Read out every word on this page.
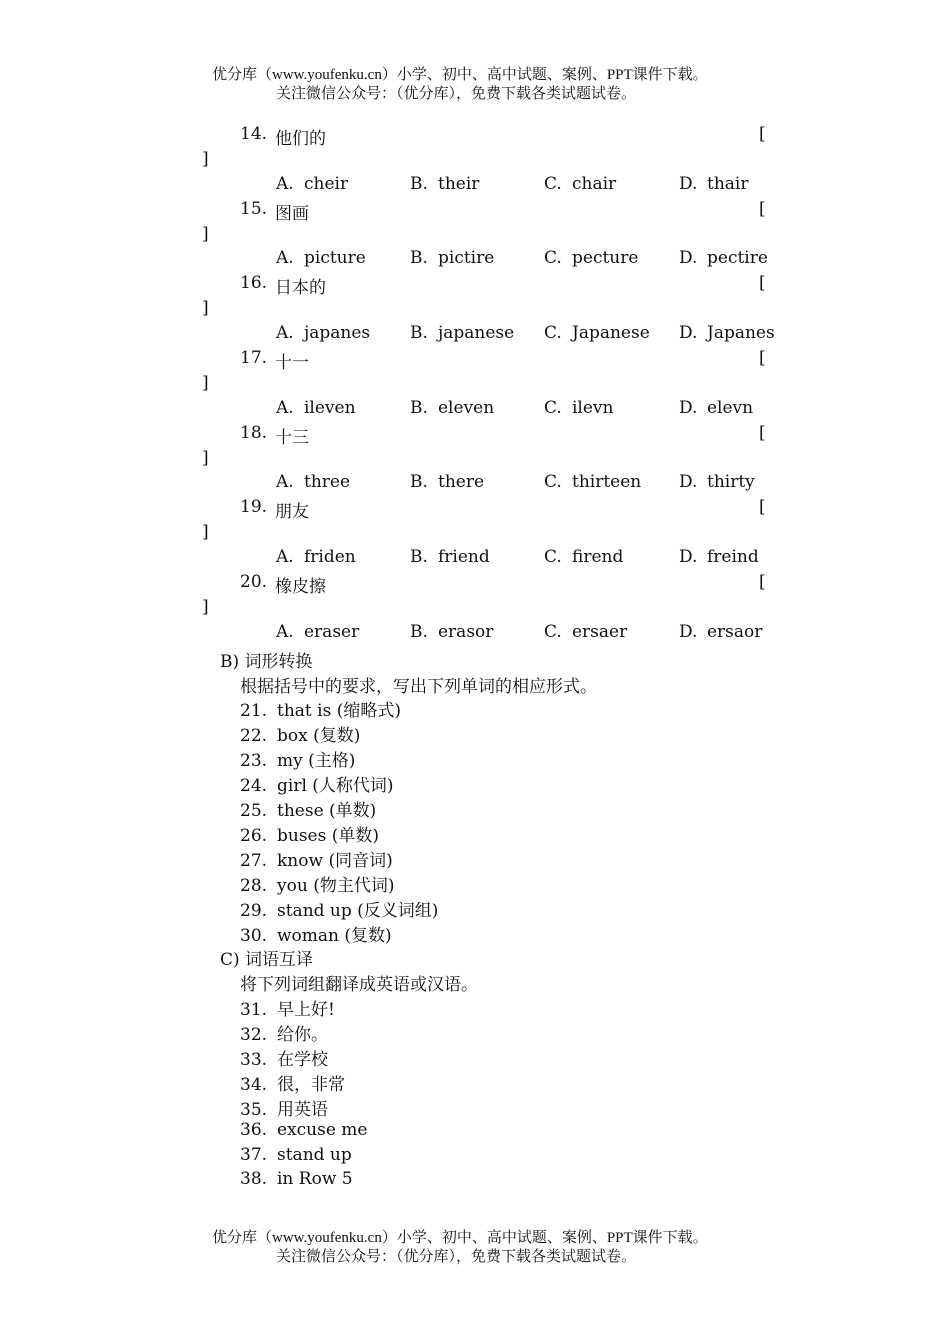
优分库（www.youfenku.cn）小学、初中、高中试题、案例、PPT课件下载。
关注微信公众号：（优分库），免费下载各类试题试卷。
14. 他们的	[
]
A. cheir	B. their	C. chair	D. thair
15. 图画	[
]
A. picture	B. pictire	C. pecture D. pectire
16. 日本的	[
]
A. japanes B. japanese C. Japanese D. Japanes
17. 十一	[
]
A. ileven	B. eleven	C. ilevn	D. elevn
18. 十三	[
]
A. three	B. there	C. thirteen D. thirty
19. 朋友	[
]
A. friden	B. friend	C. firend	D. freind
20. 橡皮擦	[
]
A. eraser	B. erasor	C. ersaer	D. ersaor
B) 词形转换
根据括号中的要求，写出下列单词的相应形式。
21. that is (缩略式)
22. box (复数)
23. my (主格)
24. girl (人称代词)
25. these (单数)
26. buses (单数)
27. know (同音词)
28. you (物主代词)
29. stand up (反义词组)
30. woman (复数)
C) 词语互译
将下列词组翻译成英语或汉语。
31. 早上好!
32. 给你。
33. 在学校
34. 很，非常
35. 用英语
36. excuse me
37. stand up
38. in Row 5
优分库（www.youfenku.cn）小学、初中、高中试题、案例、PPT课件下载。
关注微信公众号：（优分库），免费下载各类试题试卷。
